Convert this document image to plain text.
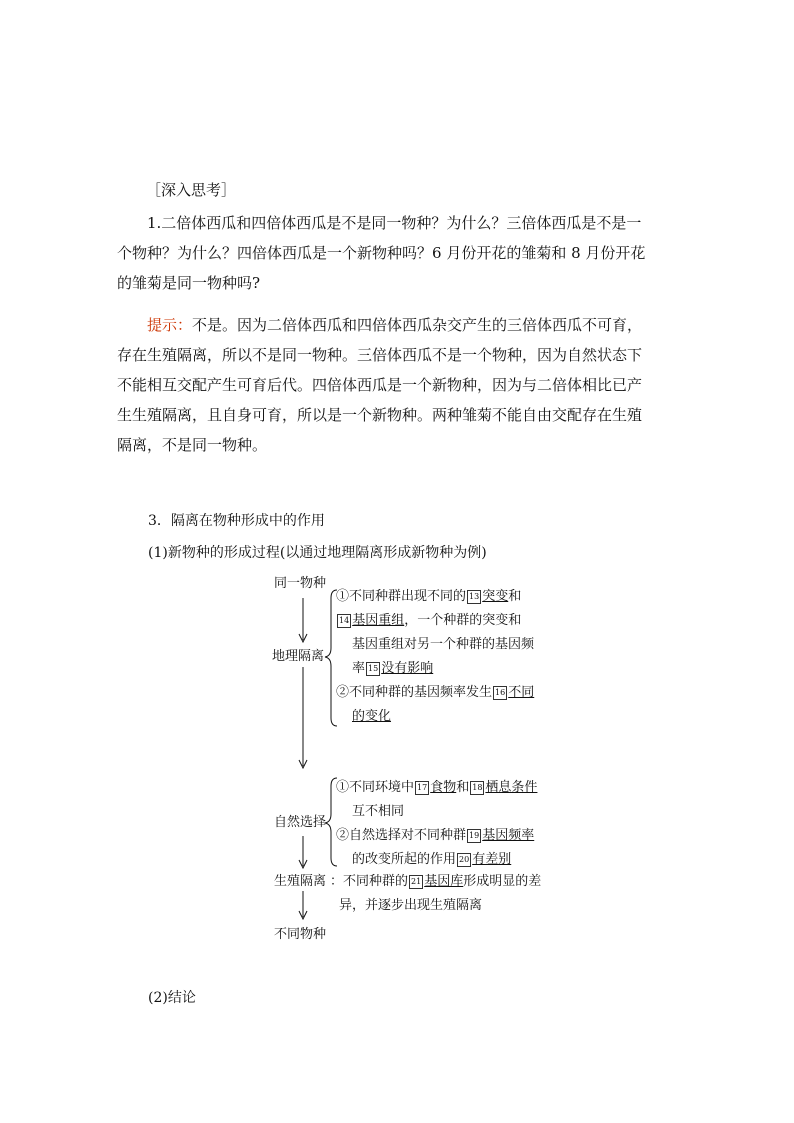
［深入思考］
1.二倍体西瓜和四倍体西瓜是不是同一物种？为什么？三倍体西瓜是不是一
个物种？为什么？四倍体西瓜是一个新物种吗？6 月份开花的雏菊和 8 月份开花
的雏菊是同一物种吗?
提示：不是。因为二倍体西瓜和四倍体西瓜杂交产生的三倍体西瓜不可育，
存在生殖隔离，所以不是同一物种。三倍体西瓜不是一个物种，因为自然状态下
不能相互交配产生可育后代。四倍体西瓜是一个新物种，因为与二倍体相比已产
生生殖隔离，且自身可育，所以是一个新物种。两种雏菊不能自由交配存在生殖
隔离，不是同一物种。
3．隔离在物种形成中的作用
(1)新物种的形成过程(以通过地理隔离形成新物种为例)
同一物种
地理隔离
自然选择
生殖隔离
不同物种
①不同种群出现不同的 13 突变和
14 基因重组，一个种群的突变和
基因重组对另一个种群的基因频
率 15 没有影响
②不同种群的基因频率发生 16 不同
的变化
①不同环境中 17 食物和 18 栖息条件
互不相同
②自然选择对不同种群 19 基因频率
的改变所起的作用 20 有差别
：不同种群的 21 基因库形成明显的差
异，并逐步出现生殖隔离
(2)结论
